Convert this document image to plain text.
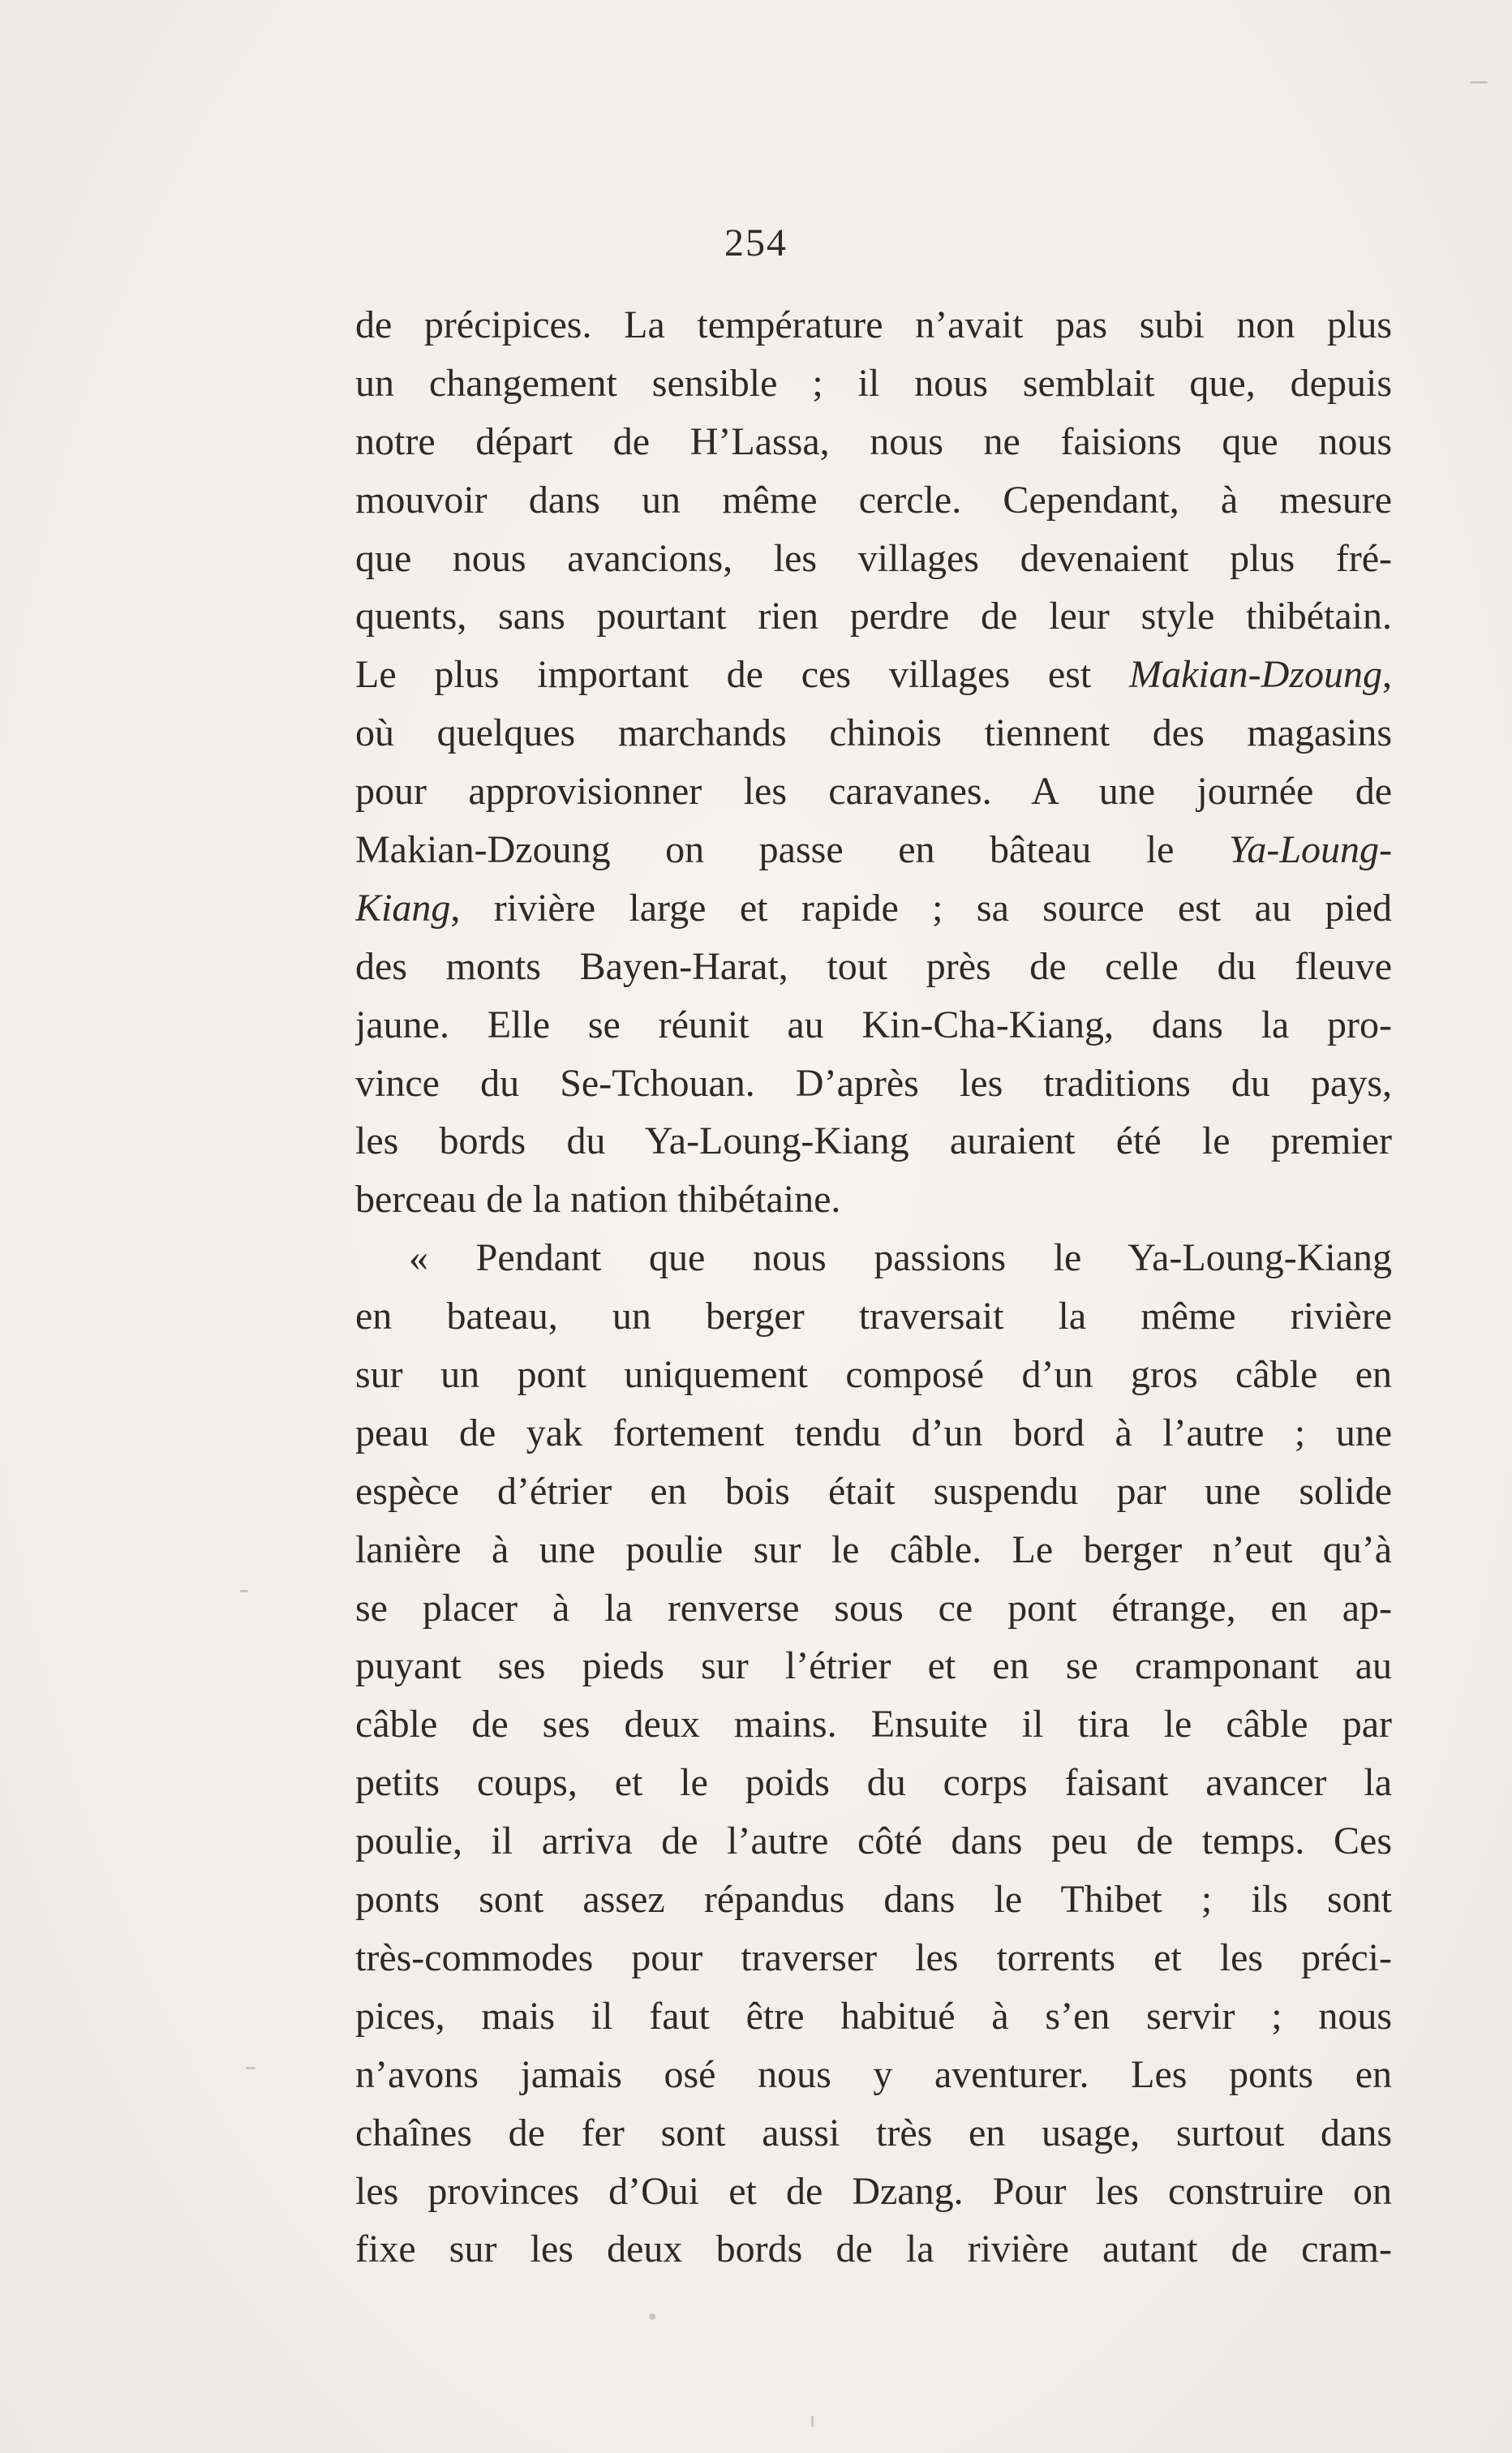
254
de précipices. La température n’avait pas subi non plus
un changement sensible ; il nous semblait que, depuis
notre départ de H’Lassa, nous ne faisions que nous
mouvoir dans un même cercle. Cependant, à mesure
que nous avancions, les villages devenaient plus fré-
quents, sans pourtant rien perdre de leur style thibétain.
Le plus important de ces villages est Makian-Dzoung,
où quelques marchands chinois tiennent des magasins
pour approvisionner les caravanes. A une journée de
Makian-Dzoung on passe en bâteau le Ya-Loung-
Kiang, rivière large et rapide ; sa source est au pied
des monts Bayen-Harat, tout près de celle du fleuve
jaune. Elle se réunit au Kin-Cha-Kiang, dans la pro-
vince du Se-Tchouan. D’après les traditions du pays,
les bords du Ya-Loung-Kiang auraient été le premier
berceau de la nation thibétaine.
« Pendant que nous passions le Ya-Loung-Kiang
en bateau, un berger traversait la même rivière
sur un pont uniquement composé d’un gros câble en
peau de yak fortement tendu d’un bord à l’autre ; une
espèce d’étrier en bois était suspendu par une solide
lanière à une poulie sur le câble. Le berger n’eut qu’à
se placer à la renverse sous ce pont étrange, en ap-
puyant ses pieds sur l’étrier et en se cramponant au
câble de ses deux mains. Ensuite il tira le câble par
petits coups, et le poids du corps faisant avancer la
poulie, il arriva de l’autre côté dans peu de temps. Ces
ponts sont assez répandus dans le Thibet ; ils sont
très-commodes pour traverser les torrents et les préci-
pices, mais il faut être habitué à s’en servir ; nous
n’avons jamais osé nous y aventurer. Les ponts en
chaînes de fer sont aussi très en usage, surtout dans
les provinces d’Oui et de Dzang. Pour les construire on
fixe sur les deux bords de la rivière autant de cram-
